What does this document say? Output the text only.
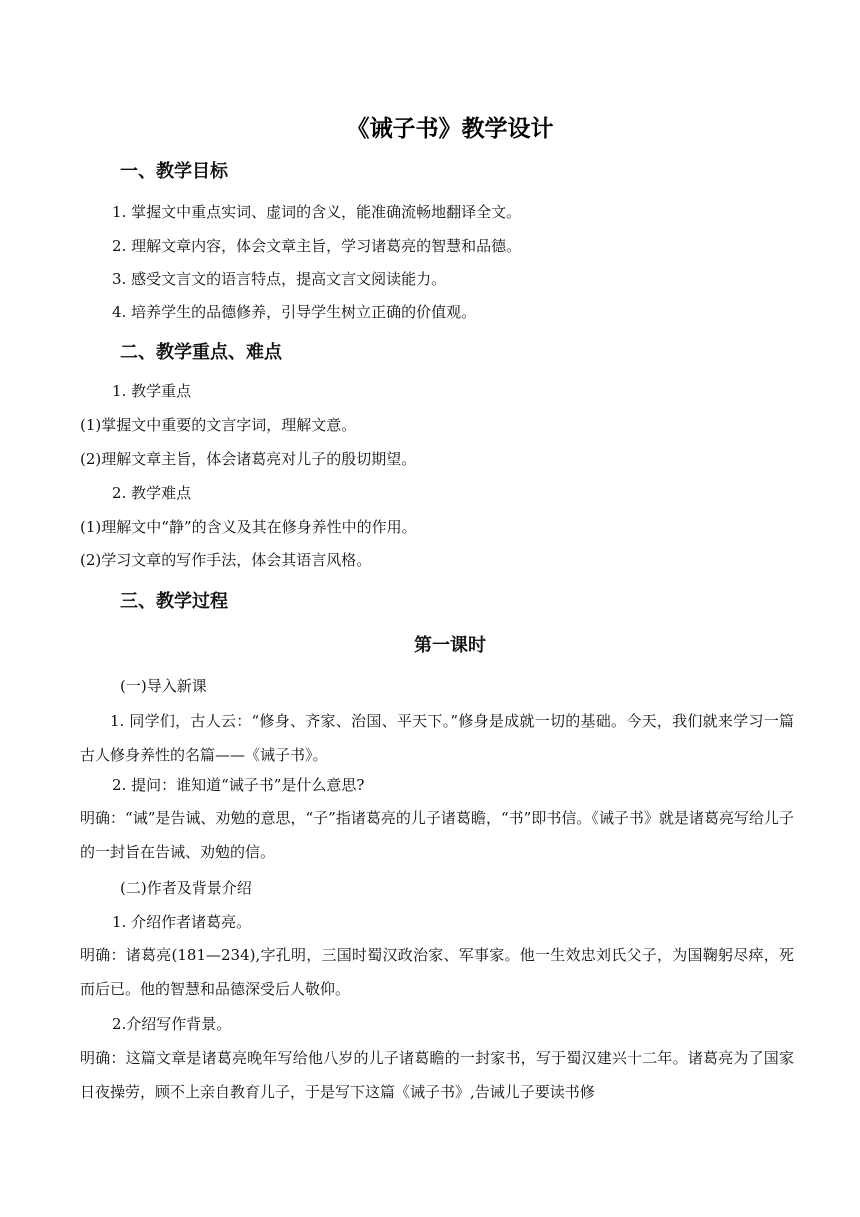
《诫子书》教学设计
一、教学目标
1. 掌握文中重点实词、虚词的含义，能准确流畅地翻译全文。
2. 理解文章内容，体会文章主旨，学习诸葛亮的智慧和品德。
3. 感受文言文的语言特点，提高文言文阅读能力。
4. 培养学生的品德修养，引导学生树立正确的价值观。
二、教学重点、难点
1. 教学重点
(1)掌握文中重要的文言字词，理解文意。
(2)理解文章主旨，体会诸葛亮对儿子的殷切期望。
2. 教学难点
(1)理解文中“静”的含义及其在修身养性中的作用。
(2)学习文章的写作手法，体会其语言风格。
三、教学过程
第一课时
(一)导入新课
1. 同学们，古人云：“修身、齐家、治国、平天下。”修身是成就一切的基础。今天，我们就来学习一篇古人修身养性的名篇——《诫子书》。
2. 提问：谁知道“诫子书”是什么意思?
明确：“诫”是告诫、劝勉的意思，“子”指诸葛亮的儿子诸葛瞻，“书”即书信。《诫子书》就是诸葛亮写给儿子的一封旨在告诫、劝勉的信。
(二)作者及背景介绍
1. 介绍作者诸葛亮。
明确：诸葛亮(181—234),字孔明，三国时蜀汉政治家、军事家。他一生效忠刘氏父子，为国鞠躬尽瘁，死而后已。他的智慧和品德深受后人敬仰。
2.介绍写作背景。
明确：这篇文章是诸葛亮晚年写给他八岁的儿子诸葛瞻的一封家书，写于蜀汉建兴十二年。诸葛亮为了国家日夜操劳，顾不上亲自教育儿子，于是写下这篇《诫子书》,告诫儿子要读书修
